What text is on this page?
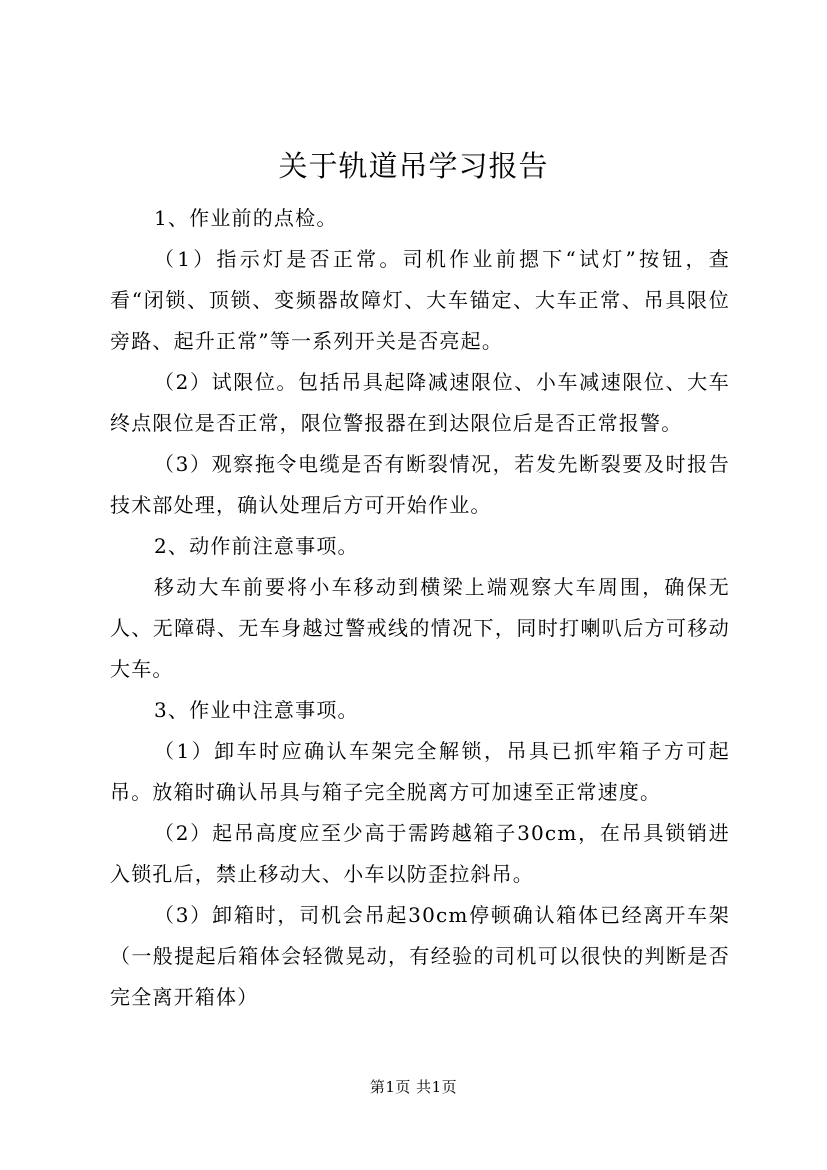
关于轨道吊学习报告

1、作业前的点检。

（1）指示灯是否正常。司机作业前摁下“试灯”按钮，查看“闭锁、顶锁、变频器故障灯、大车锚定、大车正常、吊具限位旁路、起升正常”等一系列开关是否亮起。

（2）试限位。包括吊具起降减速限位、小车减速限位、大车终点限位是否正常，限位警报器在到达限位后是否正常报警。

（3）观察拖令电缆是否有断裂情况，若发先断裂要及时报告技术部处理，确认处理后方可开始作业。

2、动作前注意事项。

移动大车前要将小车移动到横梁上端观察大车周围，确保无人、无障碍、无车身越过警戒线的情况下，同时打喇叭后方可移动大车。

3、作业中注意事项。

（1）卸车时应确认车架完全解锁，吊具已抓牢箱子方可起吊。放箱时确认吊具与箱子完全脱离方可加速至正常速度。

（2）起吊高度应至少高于需跨越箱子30cm，在吊具锁销进入锁孔后，禁止移动大、小车以防歪拉斜吊。

（3）卸箱时，司机会吊起30cm停顿确认箱体已经离开车架（一般提起后箱体会轻微晃动，有经验的司机可以很快的判断是否完全离开箱体）

第1页 共1页
